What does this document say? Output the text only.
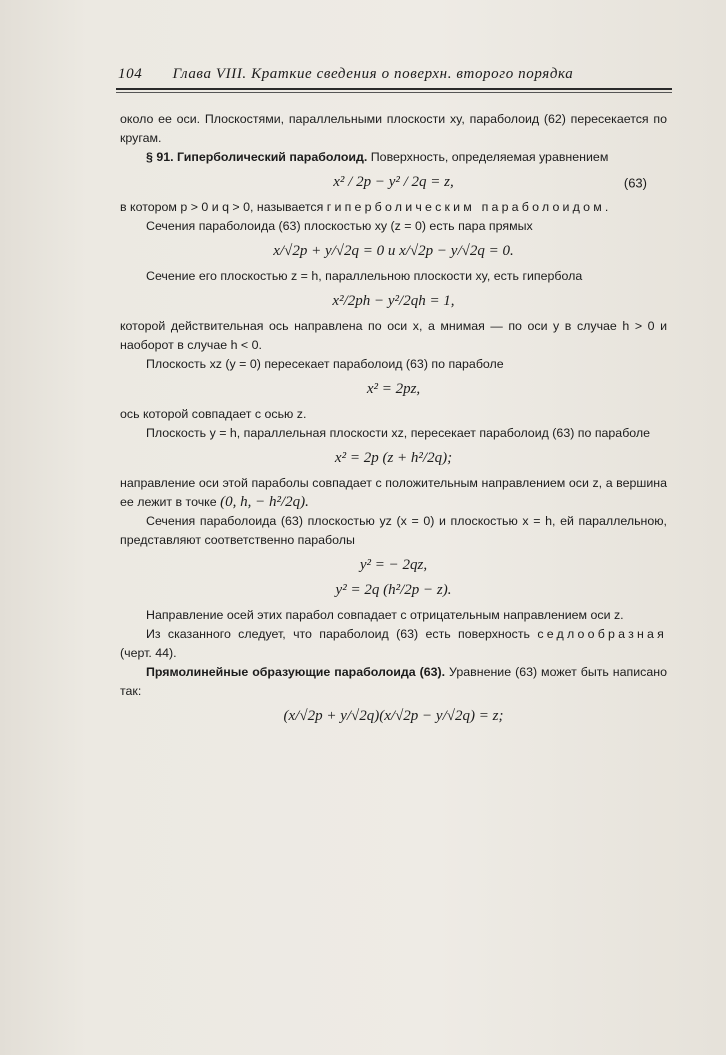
104 Глава VIII. Краткие сведения о поверхн. второго порядка

около ее оси. Плоскостями, параллельными плоскости xy, параболоид (62) пересекается по кругам.

§ 91. Гиперболический параболоид. Поверхность, определяемая уравнением

x² / 2p − y² / 2q = z,	(63)

в котором p > 0 и q > 0, называется гиперболическим параболоидом.

Сечения параболоида (63) плоскостью xy (z = 0) есть пара прямых

x/√2p + y/√2q = 0 и x/√2p − y/√2q = 0.

Сечение его плоскостью z = h, параллельною плоскости xy, есть гипербола

x²/2ph − y²/2qh = 1,

которой действительная ось направлена по оси x, а мнимая — по оси y в случае h > 0 и наоборот в случае h < 0.

Плоскость xz (y = 0) пересекает параболоид (63) по параболе

x² = 2pz,

ось которой совпадает с осью z.

Плоскость y = h, параллельная плоскости xz, пересекает параболоид (63) по параболе

x² = 2p (z + h²/2q);

направление оси этой параболы совпадает с положительным направлением оси z, а вершина ее лежит в точке (0, h, − h²/2q).

Сечения параболоида (63) плоскостью yz (x = 0) и плоскостью x = h, ей параллельною, представляют соответственно параболы

y² = − 2qz,
y² = 2q (h²/2p − z).

Направление осей этих парабол совпадает с отрицательным направлением оси z.

Из сказанного следует, что параболоид (63) есть поверхность седлообразная (черт. 44).

Прямолинейные образующие параболоида (63). Уравнение (63) может быть написано так:

(x/√2p + y/√2q)(x/√2p − y/√2q) = z;
